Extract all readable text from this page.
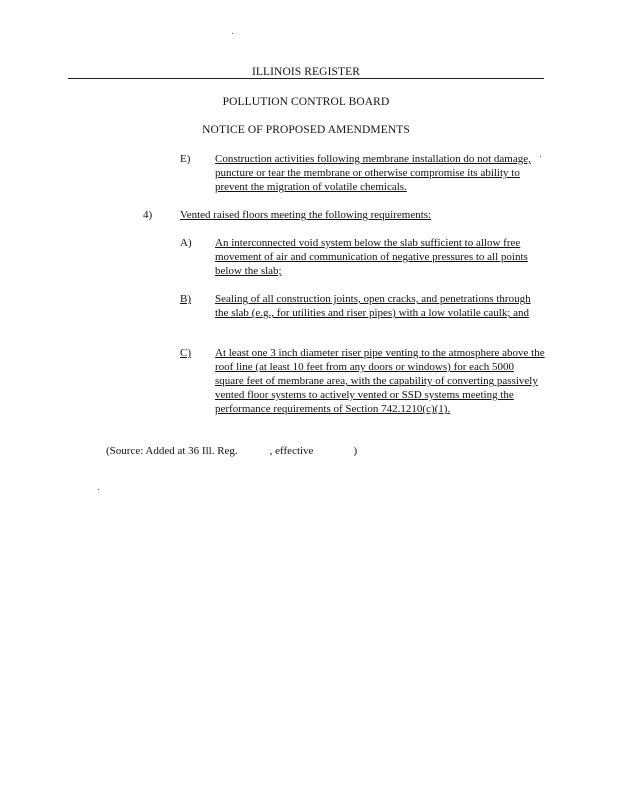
ILLINOIS REGISTER
POLLUTION CONTROL BOARD
NOTICE OF PROPOSED AMENDMENTS
E) Construction activities following membrane installation do not damage, puncture or tear the membrane or otherwise compromise its ability to prevent the migration of volatile chemicals.
4)	Vented raised floors meeting the following requirements:
A) An interconnected void system below the slab sufficient to allow free movement of air and communication of negative pressures to all points below the slab;
B) Sealing of all construction joints, open cracks, and penetrations through the slab (e.g., for utilities and riser pipes) with a low volatile caulk; and
C) At least one 3 inch diameter riser pipe venting to the atmosphere above the roof line (at least 10 feet from any doors or windows) for each 5000 square feet of membrane area, with the capability of converting passively vented floor systems to actively vented or SSD systems meeting the performance requirements of Section 742.1210(c)(1).
(Source: Added at 36 Ill. Reg.	, effective	)
